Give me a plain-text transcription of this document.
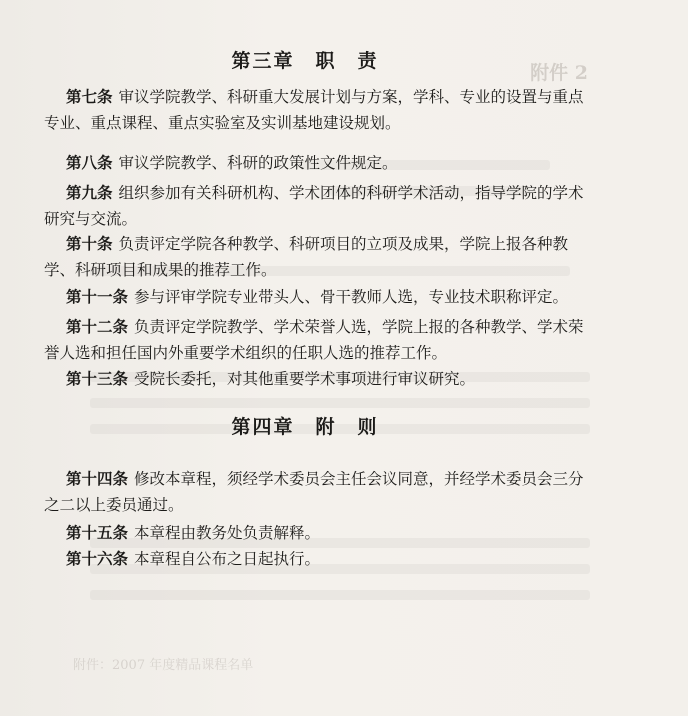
附件 2
附件：2007 年度精品课程名单
第三章　职　责

第七条 审议学院教学、科研重大发展计划与方案，学科、专业的设置与重点专业、重点课程、重点实验室及实训基地建设规划。

第八条 审议学院教学、科研的政策性文件规定。

第九条 组织参加有关科研机构、学术团体的科研学术活动，指导学院的学术研究与交流。

第十条 负责评定学院各种教学、科研项目的立项及成果，学院上报各种教学、科研项目和成果的推荐工作。

第十一条 参与评审学院专业带头人、骨干教师人选，专业技术职称评定。

第十二条 负责评定学院教学、学术荣誉人选，学院上报的各种教学、学术荣誉人选和担任国内外重要学术组织的任职人选的推荐工作。

第十三条 受院长委托，对其他重要学术事项进行审议研究。

第四章　附　则

第十四条 修改本章程，须经学术委员会主任会议同意，并经学术委员会三分之二以上委员通过。

第十五条 本章程由教务处负责解释。

第十六条 本章程自公布之日起执行。
